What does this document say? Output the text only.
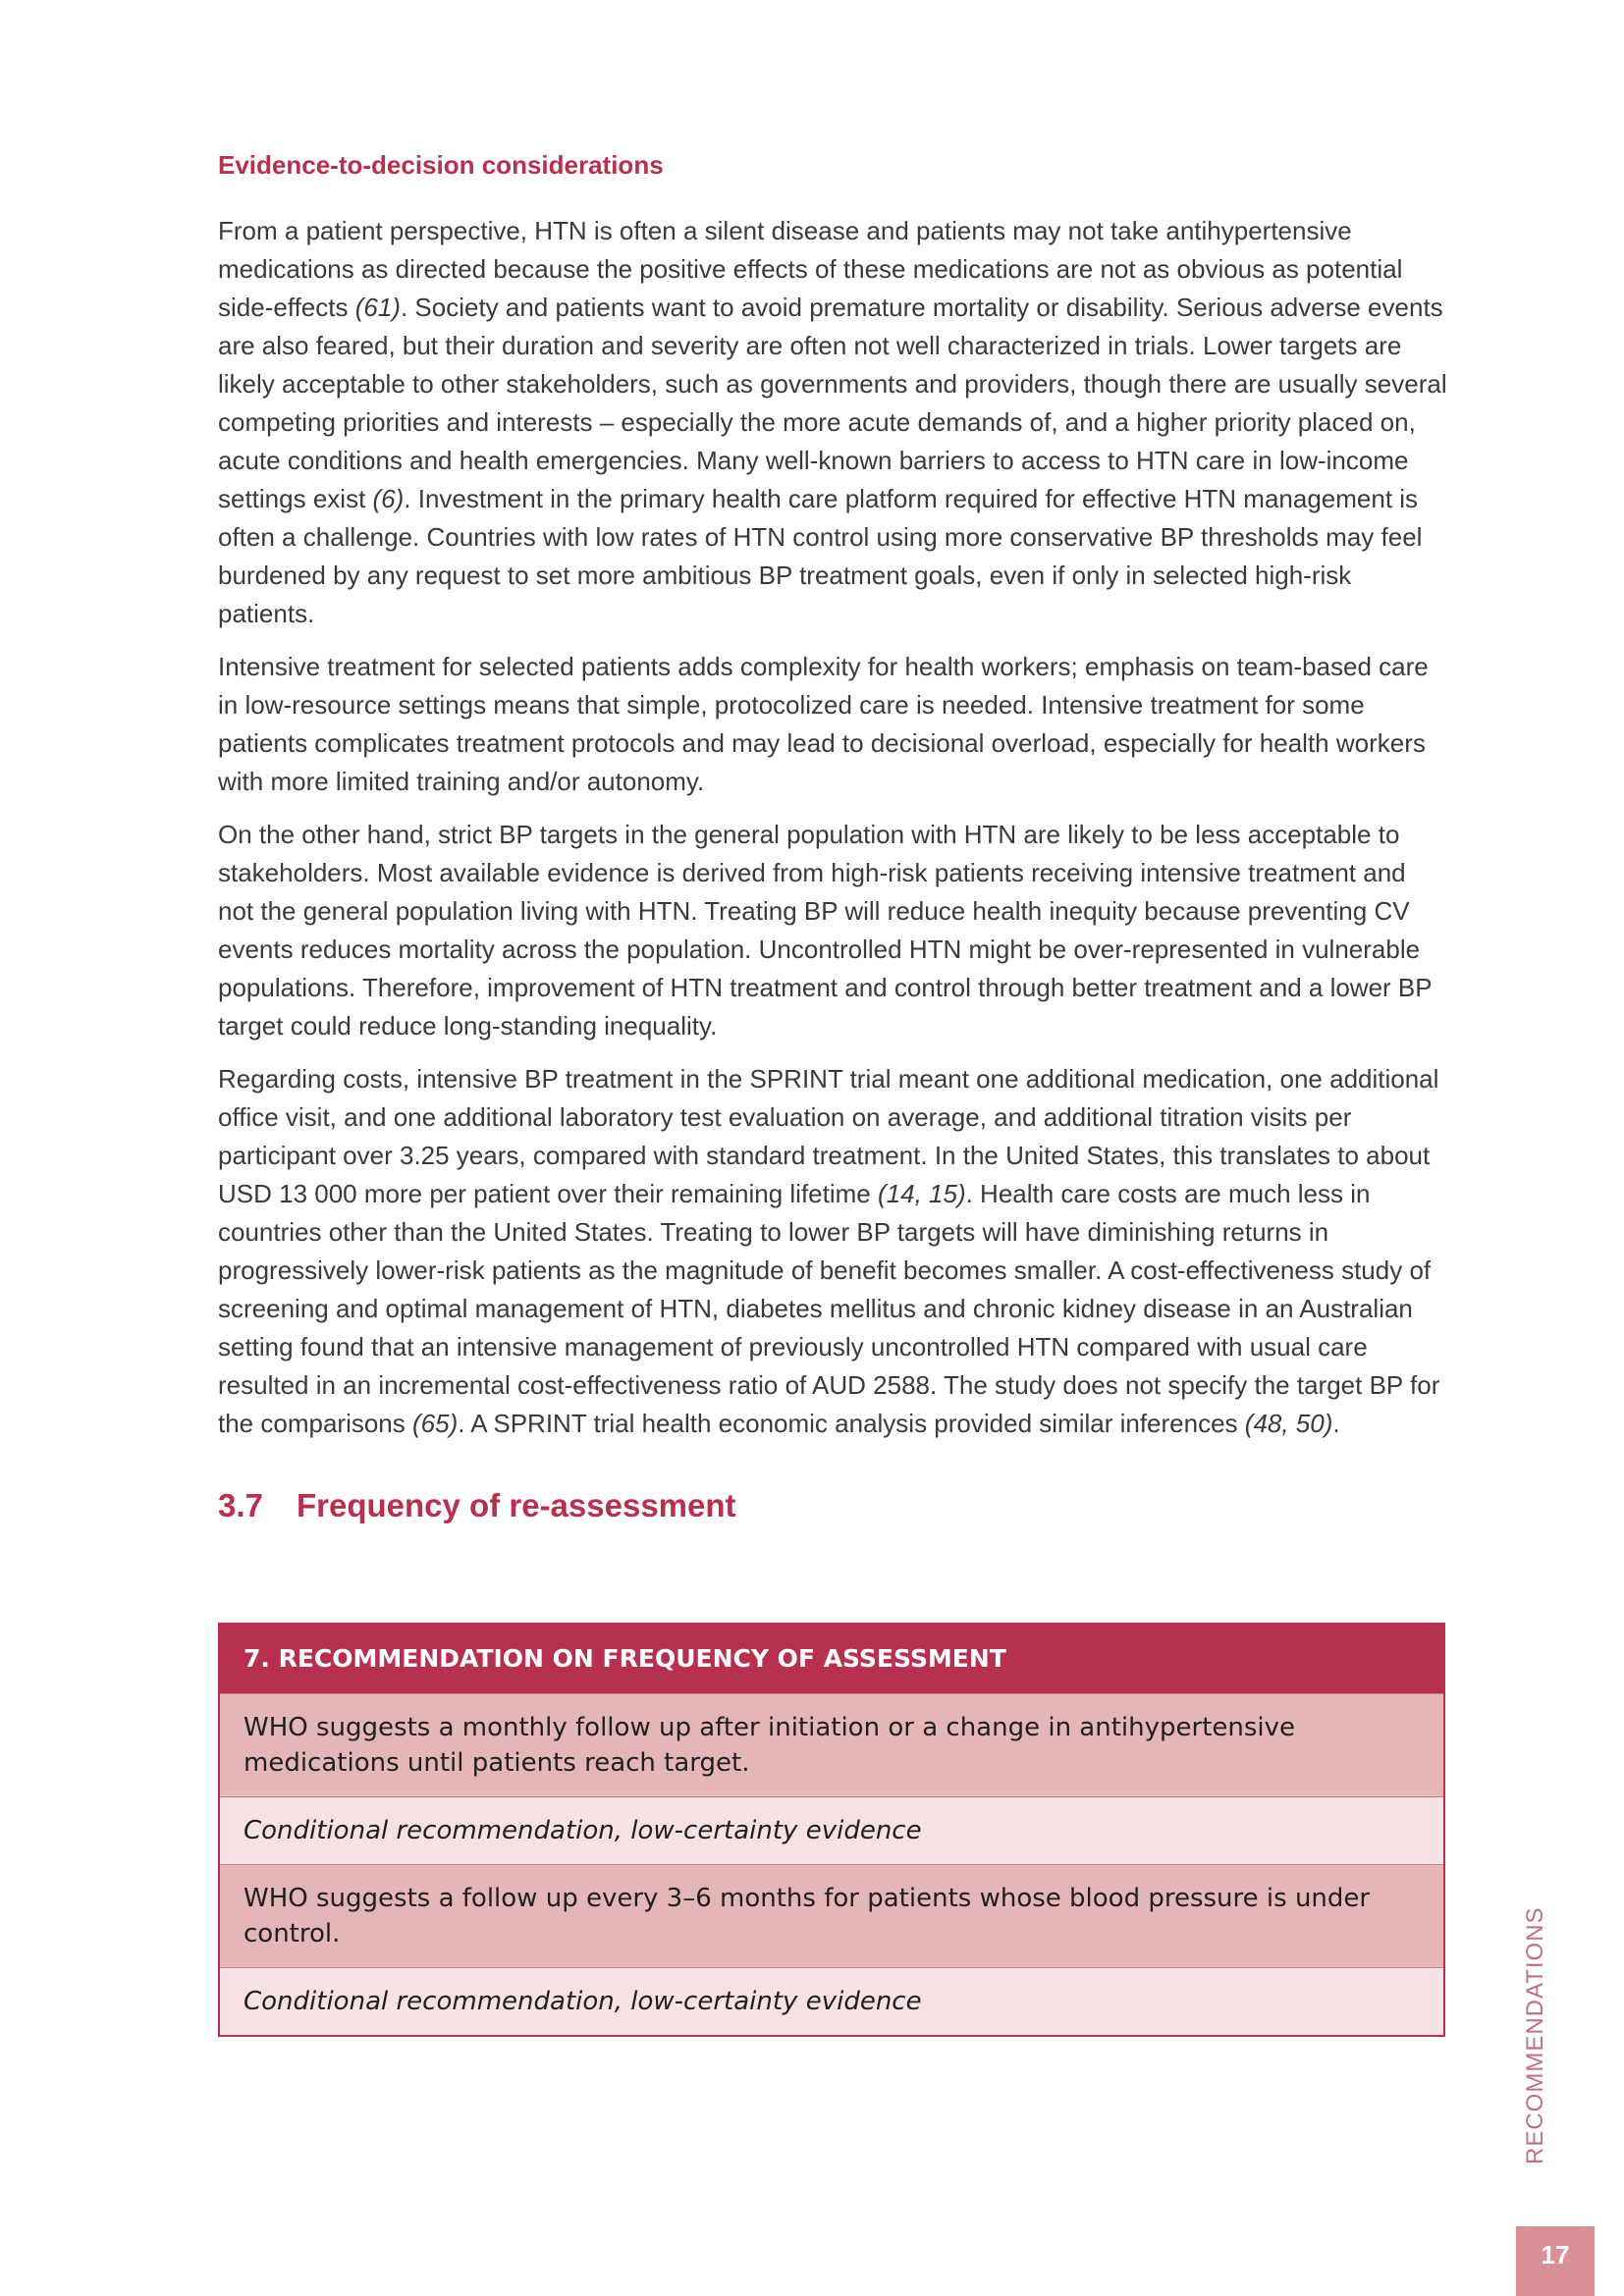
Evidence-to-decision considerations
From a patient perspective, HTN is often a silent disease and patients may not take antihypertensive medications as directed because the positive effects of these medications are not as obvious as potential side-effects (61). Society and patients want to avoid premature mortality or disability. Serious adverse events are also feared, but their duration and severity are often not well characterized in trials. Lower targets are likely acceptable to other stakeholders, such as governments and providers, though there are usually several competing priorities and interests – especially the more acute demands of, and a higher priority placed on, acute conditions and health emergencies. Many well-known barriers to access to HTN care in low-income settings exist (6). Investment in the primary health care platform required for effective HTN management is often a challenge. Countries with low rates of HTN control using more conservative BP thresholds may feel burdened by any request to set more ambitious BP treatment goals, even if only in selected high-risk patients.
Intensive treatment for selected patients adds complexity for health workers; emphasis on team-based care in low-resource settings means that simple, protocolized care is needed. Intensive treatment for some patients complicates treatment protocols and may lead to decisional overload, especially for health workers with more limited training and/or autonomy.
On the other hand, strict BP targets in the general population with HTN are likely to be less acceptable to stakeholders. Most available evidence is derived from high-risk patients receiving intensive treatment and not the general population living with HTN. Treating BP will reduce health inequity because preventing CV events reduces mortality across the population. Uncontrolled HTN might be over-represented in vulnerable populations. Therefore, improvement of HTN treatment and control through better treatment and a lower BP target could reduce long-standing inequality.
Regarding costs, intensive BP treatment in the SPRINT trial meant one additional medication, one additional office visit, and one additional laboratory test evaluation on average, and additional titration visits per participant over 3.25 years, compared with standard treatment. In the United States, this translates to about USD 13 000 more per patient over their remaining lifetime (14, 15). Health care costs are much less in countries other than the United States. Treating to lower BP targets will have diminishing returns in progressively lower-risk patients as the magnitude of benefit becomes smaller. A cost-effectiveness study of screening and optimal management of HTN, diabetes mellitus and chronic kidney disease in an Australian setting found that an intensive management of previously uncontrolled HTN compared with usual care resulted in an incremental cost-effectiveness ratio of AUD 2588. The study does not specify the target BP for the comparisons (65). A SPRINT trial health economic analysis provided similar inferences (48, 50).
3.7 Frequency of re-assessment
7. RECOMMENDATION ON FREQUENCY OF ASSESSMENT
WHO suggests a monthly follow up after initiation or a change in antihypertensive medications until patients reach target.
Conditional recommendation, low-certainty evidence
WHO suggests a follow up every 3–6 months for patients whose blood pressure is under control.
Conditional recommendation, low-certainty evidence	RECOMMENDATIONS
17
